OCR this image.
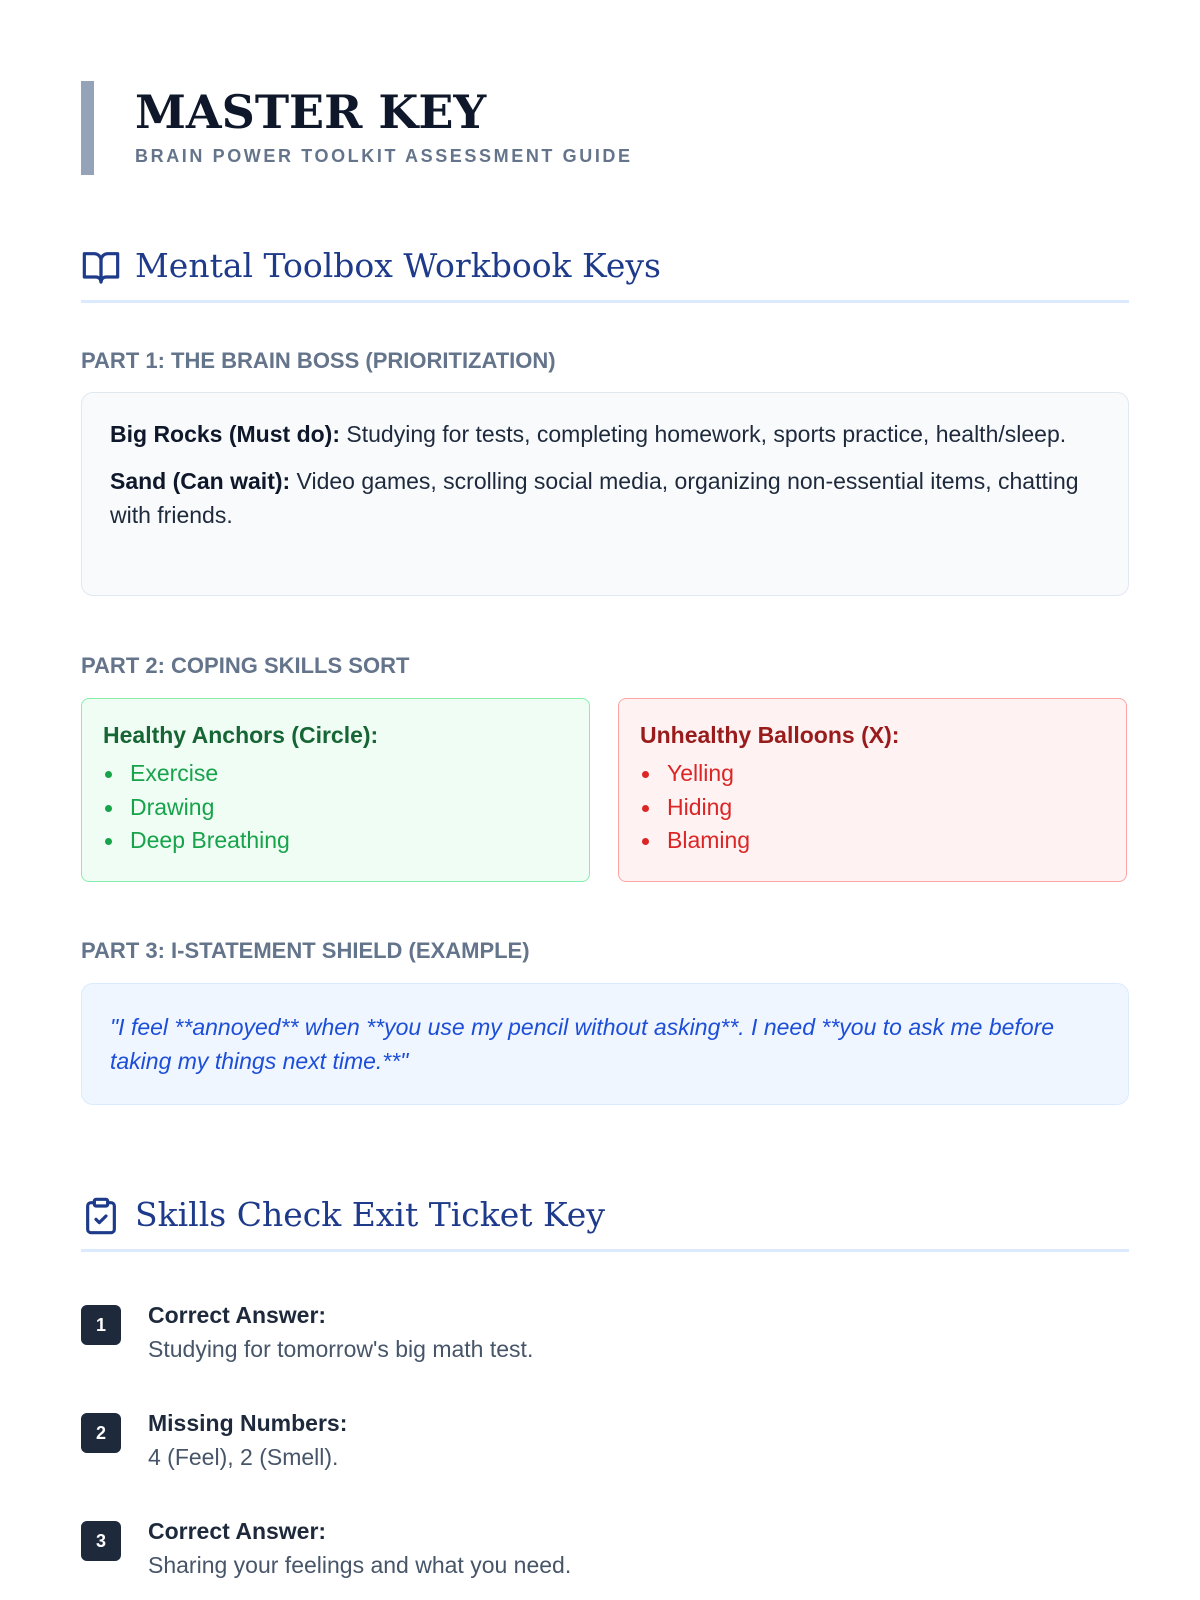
MASTER KEY
BRAIN POWER TOOLKIT ASSESSMENT GUIDE
Mental Toolbox Workbook Keys
PART 1: THE BRAIN BOSS (PRIORITIZATION)

Big Rocks (Must do): Studying for tests, completing homework, sports practice, health/sleep.

Sand (Can wait): Video games, scrolling social media, organizing non-essential items, chatting with friends.

PART 2: COPING SKILLS SORT
Healthy Anchors (Circle):
Exercise
Drawing
Deep Breathing
Unhealthy Balloons (X):
Yelling
Hiding
Blaming
PART 3: I-STATEMENT SHIELD (EXAMPLE)
"I feel **annoyed** when **you use my pencil without asking**. I need **you to ask me before taking my things next time.**"
Skills Check Exit Ticket Key
1	Correct Answer:
Studying for tomorrow's big math test.
2	Missing Numbers:
4 (Feel), 2 (Smell).
3	Correct Answer:
Sharing your feelings and what you need.
